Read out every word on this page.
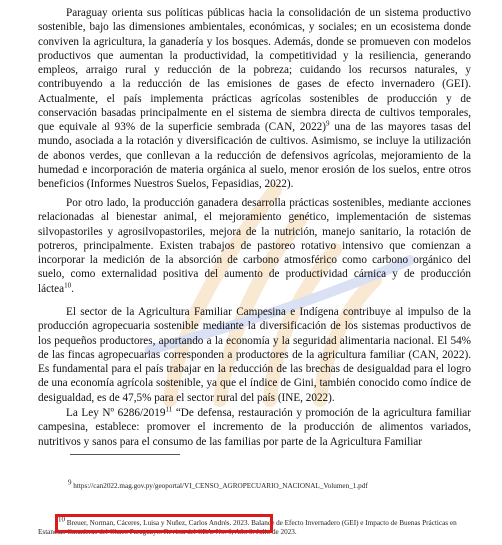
Paraguay orienta sus políticas públicas hacia la consolidación de un sistema productivo sostenible, bajo las dimensiones ambientales, económicas, y sociales; en un ecosistema donde conviven la agricultura, la ganadería y los bosques. Además, donde se promueven con modelos productivos que aumentan la productividad, la competitividad y la resiliencia, generando empleos, arraigo rural y reducción de la pobreza; cuidando los recursos naturales, y contribuyendo a la reducción de las emisiones de gases de efecto invernadero (GEI). Actualmente, el país implementa prácticas agrícolas sostenibles de producción y de conservación basadas principalmente en el sistema de siembra directa de cultivos temporales, que equivale al 93% de la superficie sembrada (CAN, 2022)$^9$ una de las mayores tasas del mundo, asociada a la rotación y diversificación de cultivos. Asimismo, se incluye la utilización de abonos verdes, que conllevan a la reducción de defensivos agrícolas, mejoramiento de la humedad e incorporación de materia orgánica al suelo, menor erosión de los suelos, entre otros beneficios (Informes Nuestros Suelos, Fepasidias, 2022).

Por otro lado, la producción ganadera desarrolla prácticas sostenibles, mediante acciones relacionadas al bienestar animal, el mejoramiento genético, implementación de sistemas silvopastoriles y agrosilvopastoriles, mejora de la nutrición, manejo sanitario, la rotación de potreros, principalmente. Existen trabajos de pastoreo rotativo intensivo que comienzan a incorporar la medición de la absorción de carbono atmosférico como carbono orgánico del suelo, como externalidad positiva del aumento de productividad cárnica y de producción láctea$^{10}$.

El sector de la Agricultura Familiar Campesina e Indígena contribuye al impulso de la producción agropecuaria sostenible mediante la diversificación de los sistemas productivos de los pequeños productores, aportando a la economía y la seguridad alimentaria nacional. El 54% de las fincas agropecuarias corresponden a productores de la agricultura familiar (CAN, 2022). Es fundamental para el país trabajar en la reducción de las brechas de desigualdad para el logro de una economía agrícola sostenible, ya que el índice de Gini, también conocido como índice de desigualdad, es de 47,5% para el sector rural del país (INE, 2022).

La Ley Nº 6286/2019$^{11}$ “De defensa, restauración y promoción de la agricultura familiar campesina, establece: promover el incremento de la producción de alimentos variados, nutritivos y sanos para el consumo de las familias por parte de la Agricultura Familiar

$^9$ https://can2022.mag.gov.py/geoportal/VI_CENSO_AGROPECUARIO_NACIONAL_Volumen_1.pdf
$^{10}$ Breuer, Norman, Cáceres, Luisa y Nuñez, Carlos Andrés. 2023. Balance de Efecto Invernadero (GEI) e Impacto de Buenas Prácticas en Estancias Ganaderas del Chaco Paraguayo. Revista del CEA. No. 6, Año 3. Julio de 2023.
